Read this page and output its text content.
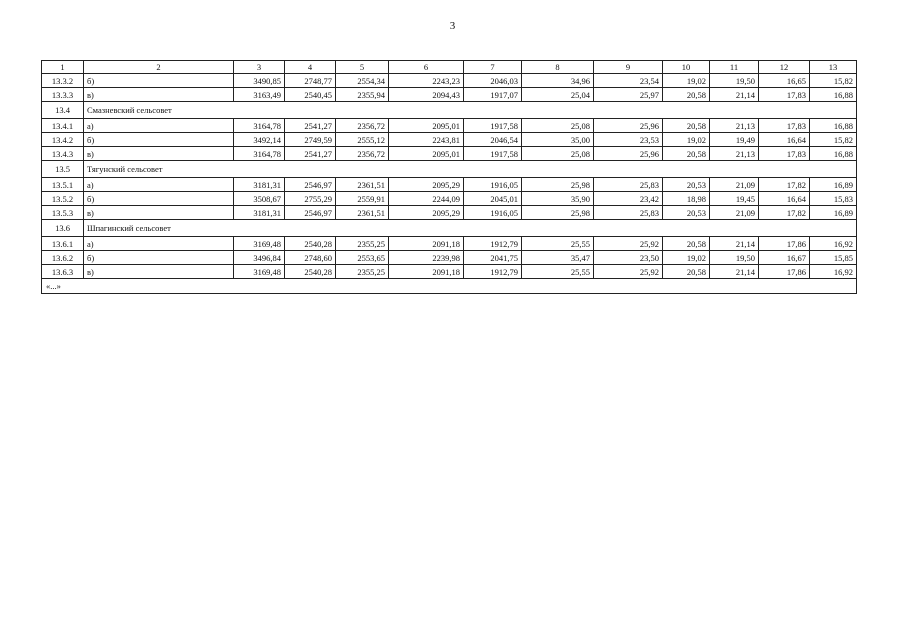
3
1	2	3	4	5	6	7	8	9	10	11	12	13
13.3.2	б)	3490,85	2748,77	2554,34	2243,23	2046,03	34,96	23,54	19,02	19,50	16,65	15,82
13.3.3	в)	3163,49	2540,45	2355,94	2094,43	1917,07	25,04	25,97	20,58	21,14	17,83	16,88
13.4	Смазневский сельсовет											
13.4.1	а)	3164,78	2541,27	2356,72	2095,01	1917,58	25,08	25,96	20,58	21,13	17,83	16,88
13.4.2	б)	3492,14	2749,59	2555,12	2243,81	2046,54	35,00	23,53	19,02	19,49	16,64	15,82
13.4.3	в)	3164,78	2541,27	2356,72	2095,01	1917,58	25,08	25,96	20,58	21,13	17,83	16,88
13.5	Тягунский сельсовет											
13.5.1	а)	3181,31	2546,97	2361,51	2095,29	1916,05	25,98	25,83	20,53	21,09	17,82	16,89
13.5.2	б)	3508,67	2755,29	2559,91	2244,09	2045,01	35,90	23,42	18,98	19,45	16,64	15,83
13.5.3	в)	3181,31	2546,97	2361,51	2095,29	1916,05	25,98	25,83	20,53	21,09	17,82	16,89
13.6	Шпагинский сельсовет											
13.6.1	а)	3169,48	2540,28	2355,25	2091,18	1912,79	25,55	25,92	20,58	21,14	17,86	16,92
13.6.2	б)	3496,84	2748,60	2553,65	2239,98	2041,75	35,47	23,50	19,02	19,50	16,67	15,85
13.6.3	в)	3169,48	2540,28	2355,25	2091,18	1912,79	25,55	25,92	20,58	21,14	17,86	16,92
«...»												
